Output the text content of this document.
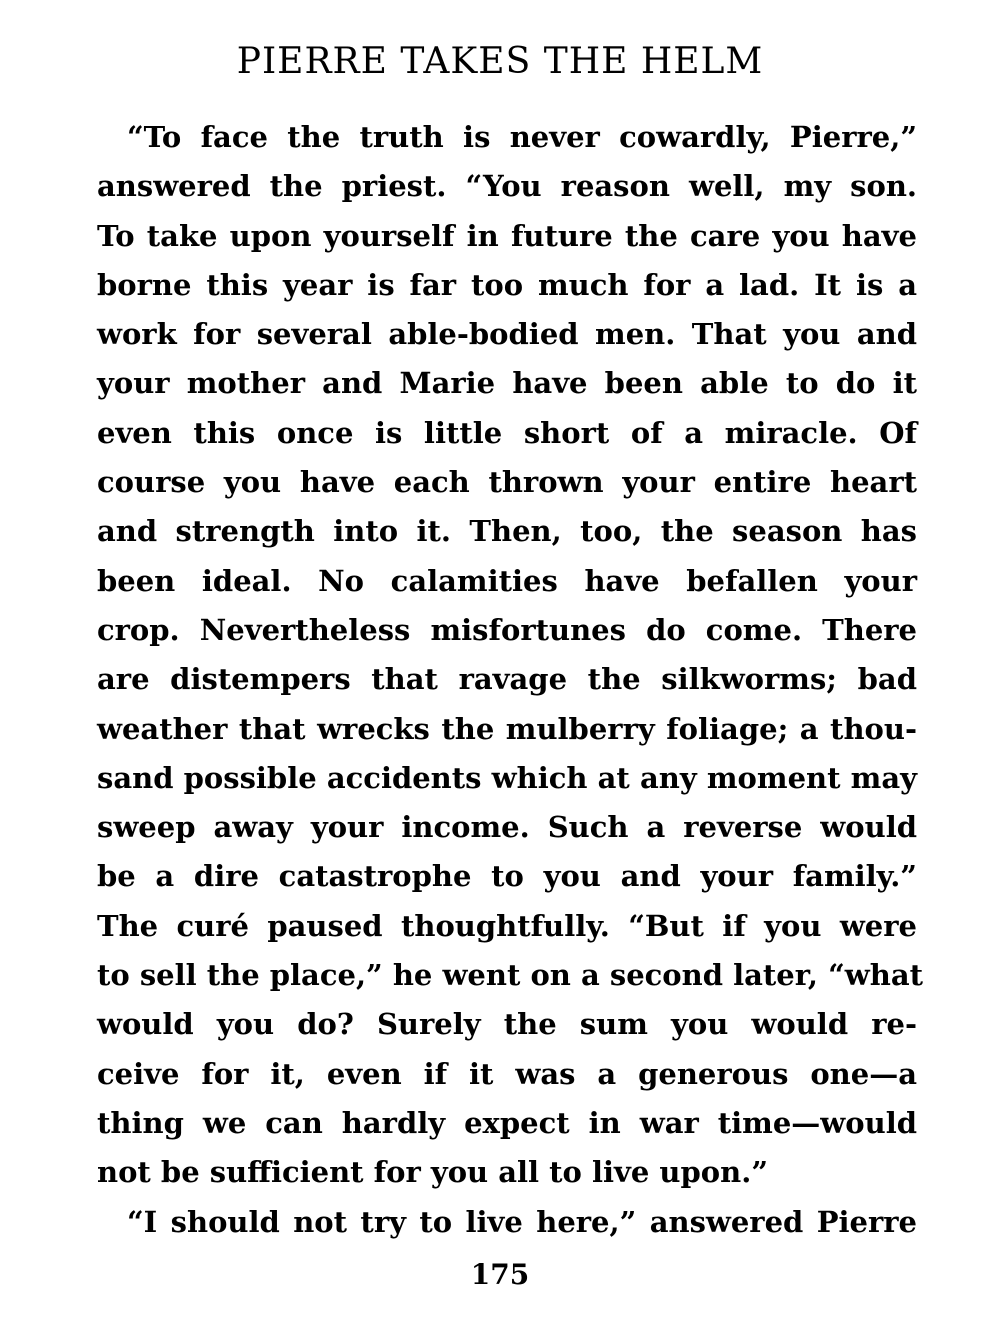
PIERRE TAKES THE HELM
“To face the truth is never cowardly, Pierre,”
answered the priest. “You reason well, my son.
To take upon yourself in future the care you have
borne this year is far too much for a lad. It is a
work for several able-bodied men. That you and
your mother and Marie have been able to do it
even this once is little short of a miracle. Of
course you have each thrown your entire heart
and strength into it. Then, too, the season has
been ideal. No calamities have befallen your
crop. Nevertheless misfortunes do come. There
are distempers that ravage the silkworms; bad
weather that wrecks the mulberry foliage; a thou-
sand possible accidents which at any moment may
sweep away your income. Such a reverse would
be a dire catastrophe to you and your family.”
The curé paused thoughtfully. “But if you were
to sell the place,” he went on a second later, “what
would you do? Surely the sum you would re-
ceive for it, even if it was a generous one—a
thing we can hardly expect in war time—would
not be sufficient for you all to live upon.”
“I should not try to live here,” answered Pierre
175
